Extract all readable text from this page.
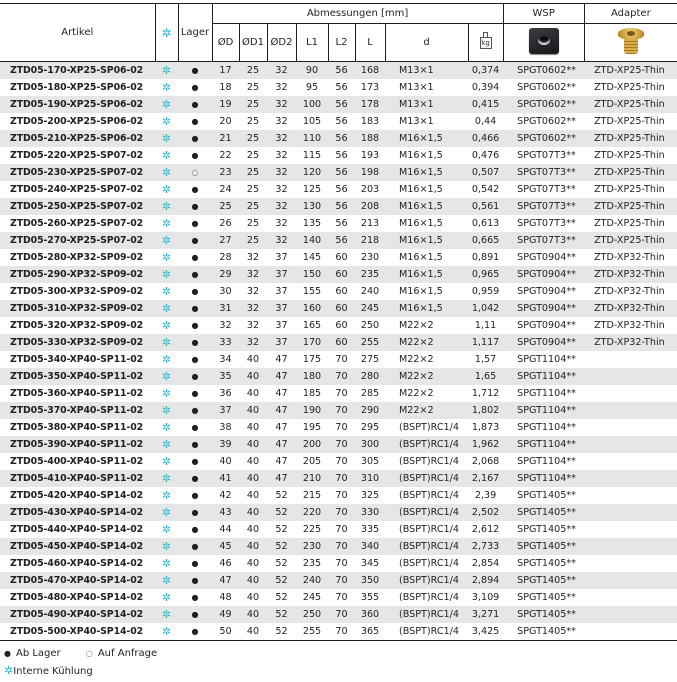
Artikel	✲	Lager	Abmessungen [mm]								WSP	Adapter
			ØD	ØD1	ØD2	L1	L2	L	d	kg		

ZTD05-170-XP25-SP06-02	✲	●	17	25	32	90	56	168	M13×1	0,374	SPGT0602**	ZTD-XP25-Thin
ZTD05-180-XP25-SP06-02	✲	●	18	25	32	95	56	173	M13×1	0,394	SPGT0602**	ZTD-XP25-Thin
ZTD05-190-XP25-SP06-02	✲	●	19	25	32	100	56	178	M13×1	0,415	SPGT0602**	ZTD-XP25-Thin
ZTD05-200-XP25-SP06-02	✲	●	20	25	32	105	56	183	M13×1	0,44	SPGT0602**	ZTD-XP25-Thin
ZTD05-210-XP25-SP06-02	✲	●	21	25	32	110	56	188	M16×1,5	0,466	SPGT0602**	ZTD-XP25-Thin
ZTD05-220-XP25-SP07-02	✲	●	22	25	32	115	56	193	M16×1,5	0,476	SPGT07T3**	ZTD-XP25-Thin
ZTD05-230-XP25-SP07-02	✲	○	23	25	32	120	56	198	M16×1,5	0,507	SPGT07T3**	ZTD-XP25-Thin
ZTD05-240-XP25-SP07-02	✲	●	24	25	32	125	56	203	M16×1,5	0,542	SPGT07T3**	ZTD-XP25-Thin
ZTD05-250-XP25-SP07-02	✲	●	25	25	32	130	56	208	M16×1,5	0,561	SPGT07T3**	ZTD-XP25-Thin
ZTD05-260-XP25-SP07-02	✲	●	26	25	32	135	56	213	M16×1,5	0,613	SPGT07T3**	ZTD-XP25-Thin
ZTD05-270-XP25-SP07-02	✲	●	27	25	32	140	56	218	M16×1,5	0,665	SPGT07T3**	ZTD-XP25-Thin
ZTD05-280-XP32-SP09-02	✲	●	28	32	37	145	60	230	M16×1,5	0,891	SPGT0904**	ZTD-XP32-Thin
ZTD05-290-XP32-SP09-02	✲	●	29	32	37	150	60	235	M16×1,5	0,965	SPGT0904**	ZTD-XP32-Thin
ZTD05-300-XP32-SP09-02	✲	●	30	32	37	155	60	240	M16×1,5	0,959	SPGT0904**	ZTD-XP32-Thin
ZTD05-310-XP32-SP09-02	✲	●	31	32	37	160	60	245	M16×1,5	1,042	SPGT0904**	ZTD-XP32-Thin
ZTD05-320-XP32-SP09-02	✲	●	32	32	37	165	60	250	M22×2	1,11	SPGT0904**	ZTD-XP32-Thin
ZTD05-330-XP32-SP09-02	✲	●	33	32	37	170	60	255	M22×2	1,117	SPGT0904**	ZTD-XP32-Thin
ZTD05-340-XP40-SP11-02	✲	●	34	40	47	175	70	275	M22×2	1,57	SPGT1104**	
ZTD05-350-XP40-SP11-02	✲	●	35	40	47	180	70	280	M22×2	1,65	SPGT1104**	
ZTD05-360-XP40-SP11-02	✲	●	36	40	47	185	70	285	M22×2	1,712	SPGT1104**	
ZTD05-370-XP40-SP11-02	✲	●	37	40	47	190	70	290	M22×2	1,802	SPGT1104**	
ZTD05-380-XP40-SP11-02	✲	●	38	40	47	195	70	295	(BSPT)RC1/4	1,873	SPGT1104**	
ZTD05-390-XP40-SP11-02	✲	●	39	40	47	200	70	300	(BSPT)RC1/4	1,962	SPGT1104**	
ZTD05-400-XP40-SP11-02	✲	●	40	40	47	205	70	305	(BSPT)RC1/4	2,068	SPGT1104**	
ZTD05-410-XP40-SP11-02	✲	●	41	40	47	210	70	310	(BSPT)RC1/4	2,167	SPGT1104**	
ZTD05-420-XP40-SP14-02	✲	●	42	40	52	215	70	325	(BSPT)RC1/4	2,39	SPGT1405**	
ZTD05-430-XP40-SP14-02	✲	●	43	40	52	220	70	330	(BSPT)RC1/4	2,502	SPGT1405**	
ZTD05-440-XP40-SP14-02	✲	●	44	40	52	225	70	335	(BSPT)RC1/4	2,612	SPGT1405**	
ZTD05-450-XP40-SP14-02	✲	●	45	40	52	230	70	340	(BSPT)RC1/4	2,733	SPGT1405**	
ZTD05-460-XP40-SP14-02	✲	●	46	40	52	235	70	345	(BSPT)RC1/4	2,854	SPGT1405**	
ZTD05-470-XP40-SP14-02	✲	●	47	40	52	240	70	350	(BSPT)RC1/4	2,894	SPGT1405**	
ZTD05-480-XP40-SP14-02	✲	●	48	40	52	245	70	355	(BSPT)RC1/4	3,109	SPGT1405**	
ZTD05-490-XP40-SP14-02	✲	●	49	40	52	250	70	360	(BSPT)RC1/4	3,271	SPGT1405**	
ZTD05-500-XP40-SP14-02	✲	●	50	40	52	255	70	365	(BSPT)RC1/4	3,425	SPGT1405**	
● Ab Lager	○ Auf Anfrage
✲Interne Kühlung
